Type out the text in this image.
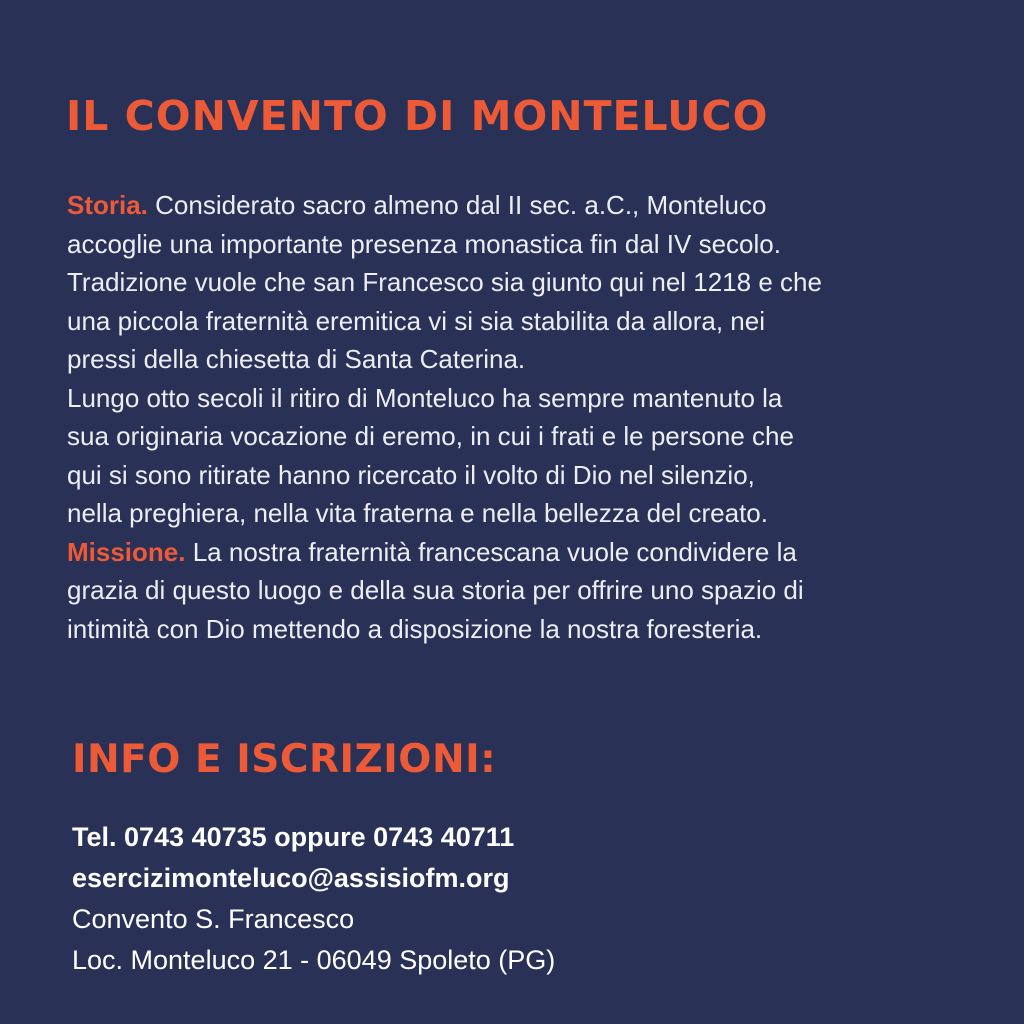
IL CONVENTO DI MONTELUCO
Storia. Considerato sacro almeno dal II sec. a.C., Monteluco
accoglie una importante presenza monastica fin dal IV secolo.
Tradizione vuole che san Francesco sia giunto qui nel 1218 e che
una piccola fraternità eremitica vi si sia stabilita da allora, nei
pressi della chiesetta di Santa Caterina.
Lungo otto secoli il ritiro di Monteluco ha sempre mantenuto la
sua originaria vocazione di eremo, in cui i frati e le persone che
qui si sono ritirate hanno ricercato il volto di Dio nel silenzio,
nella preghiera, nella vita fraterna e nella bellezza del creato.
Missione. La nostra fraternità francescana vuole condividere la
grazia di questo luogo e della sua storia per offrire uno spazio di
intimità con Dio mettendo a disposizione la nostra foresteria.
INFO E ISCRIZIONI:
Tel. 0743 40735 oppure 0743 40711
esercizimonteluco@assisiofm.org
Convento S. Francesco
Loc. Monteluco 21 - 06049 Spoleto (PG)
